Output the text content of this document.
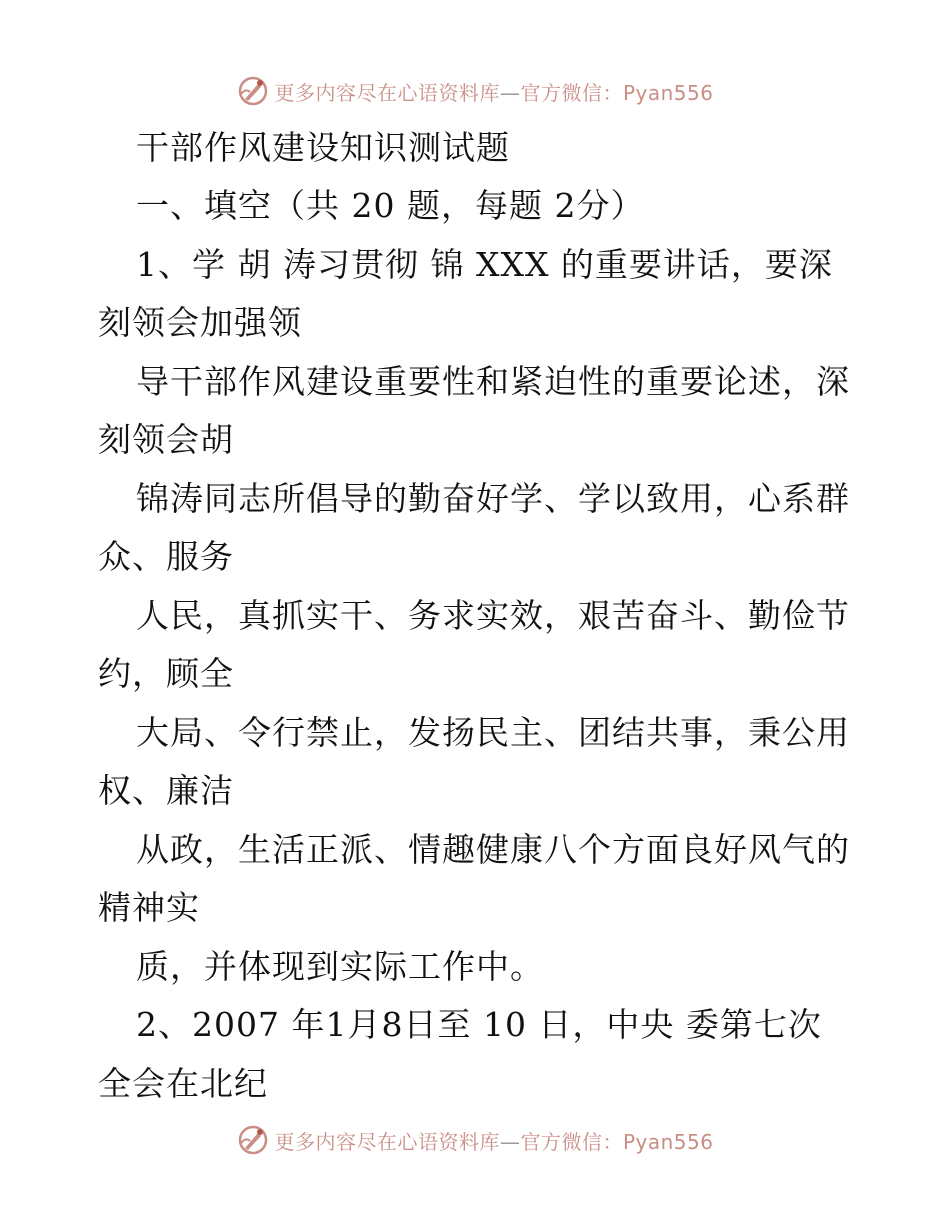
更多内容尽在心语资料库—官方微信：Pyan556
干部作风建设知识测试题
一、填空（共 20 题，每题 2分）
1、学 胡 涛习贯彻 锦 XXX 的重要讲话，要深
刻领会加强领
导干部作风建设重要性和紧迫性的重要论述，深
刻领会胡
锦涛同志所倡导的勤奋好学、学以致用，心系群
众、服务
人民，真抓实干、务求实效，艰苦奋斗、勤俭节
约，顾全
大局、令行禁止，发扬民主、团结共事，秉公用
权、廉洁
从政，生活正派、情趣健康八个方面良好风气的
精神实
质，并体现到实际工作中。
2、2007 年1月8日至 10 日，中央 委第七次
全会在北纪
更多内容尽在心语资料库—官方微信：Pyan556
